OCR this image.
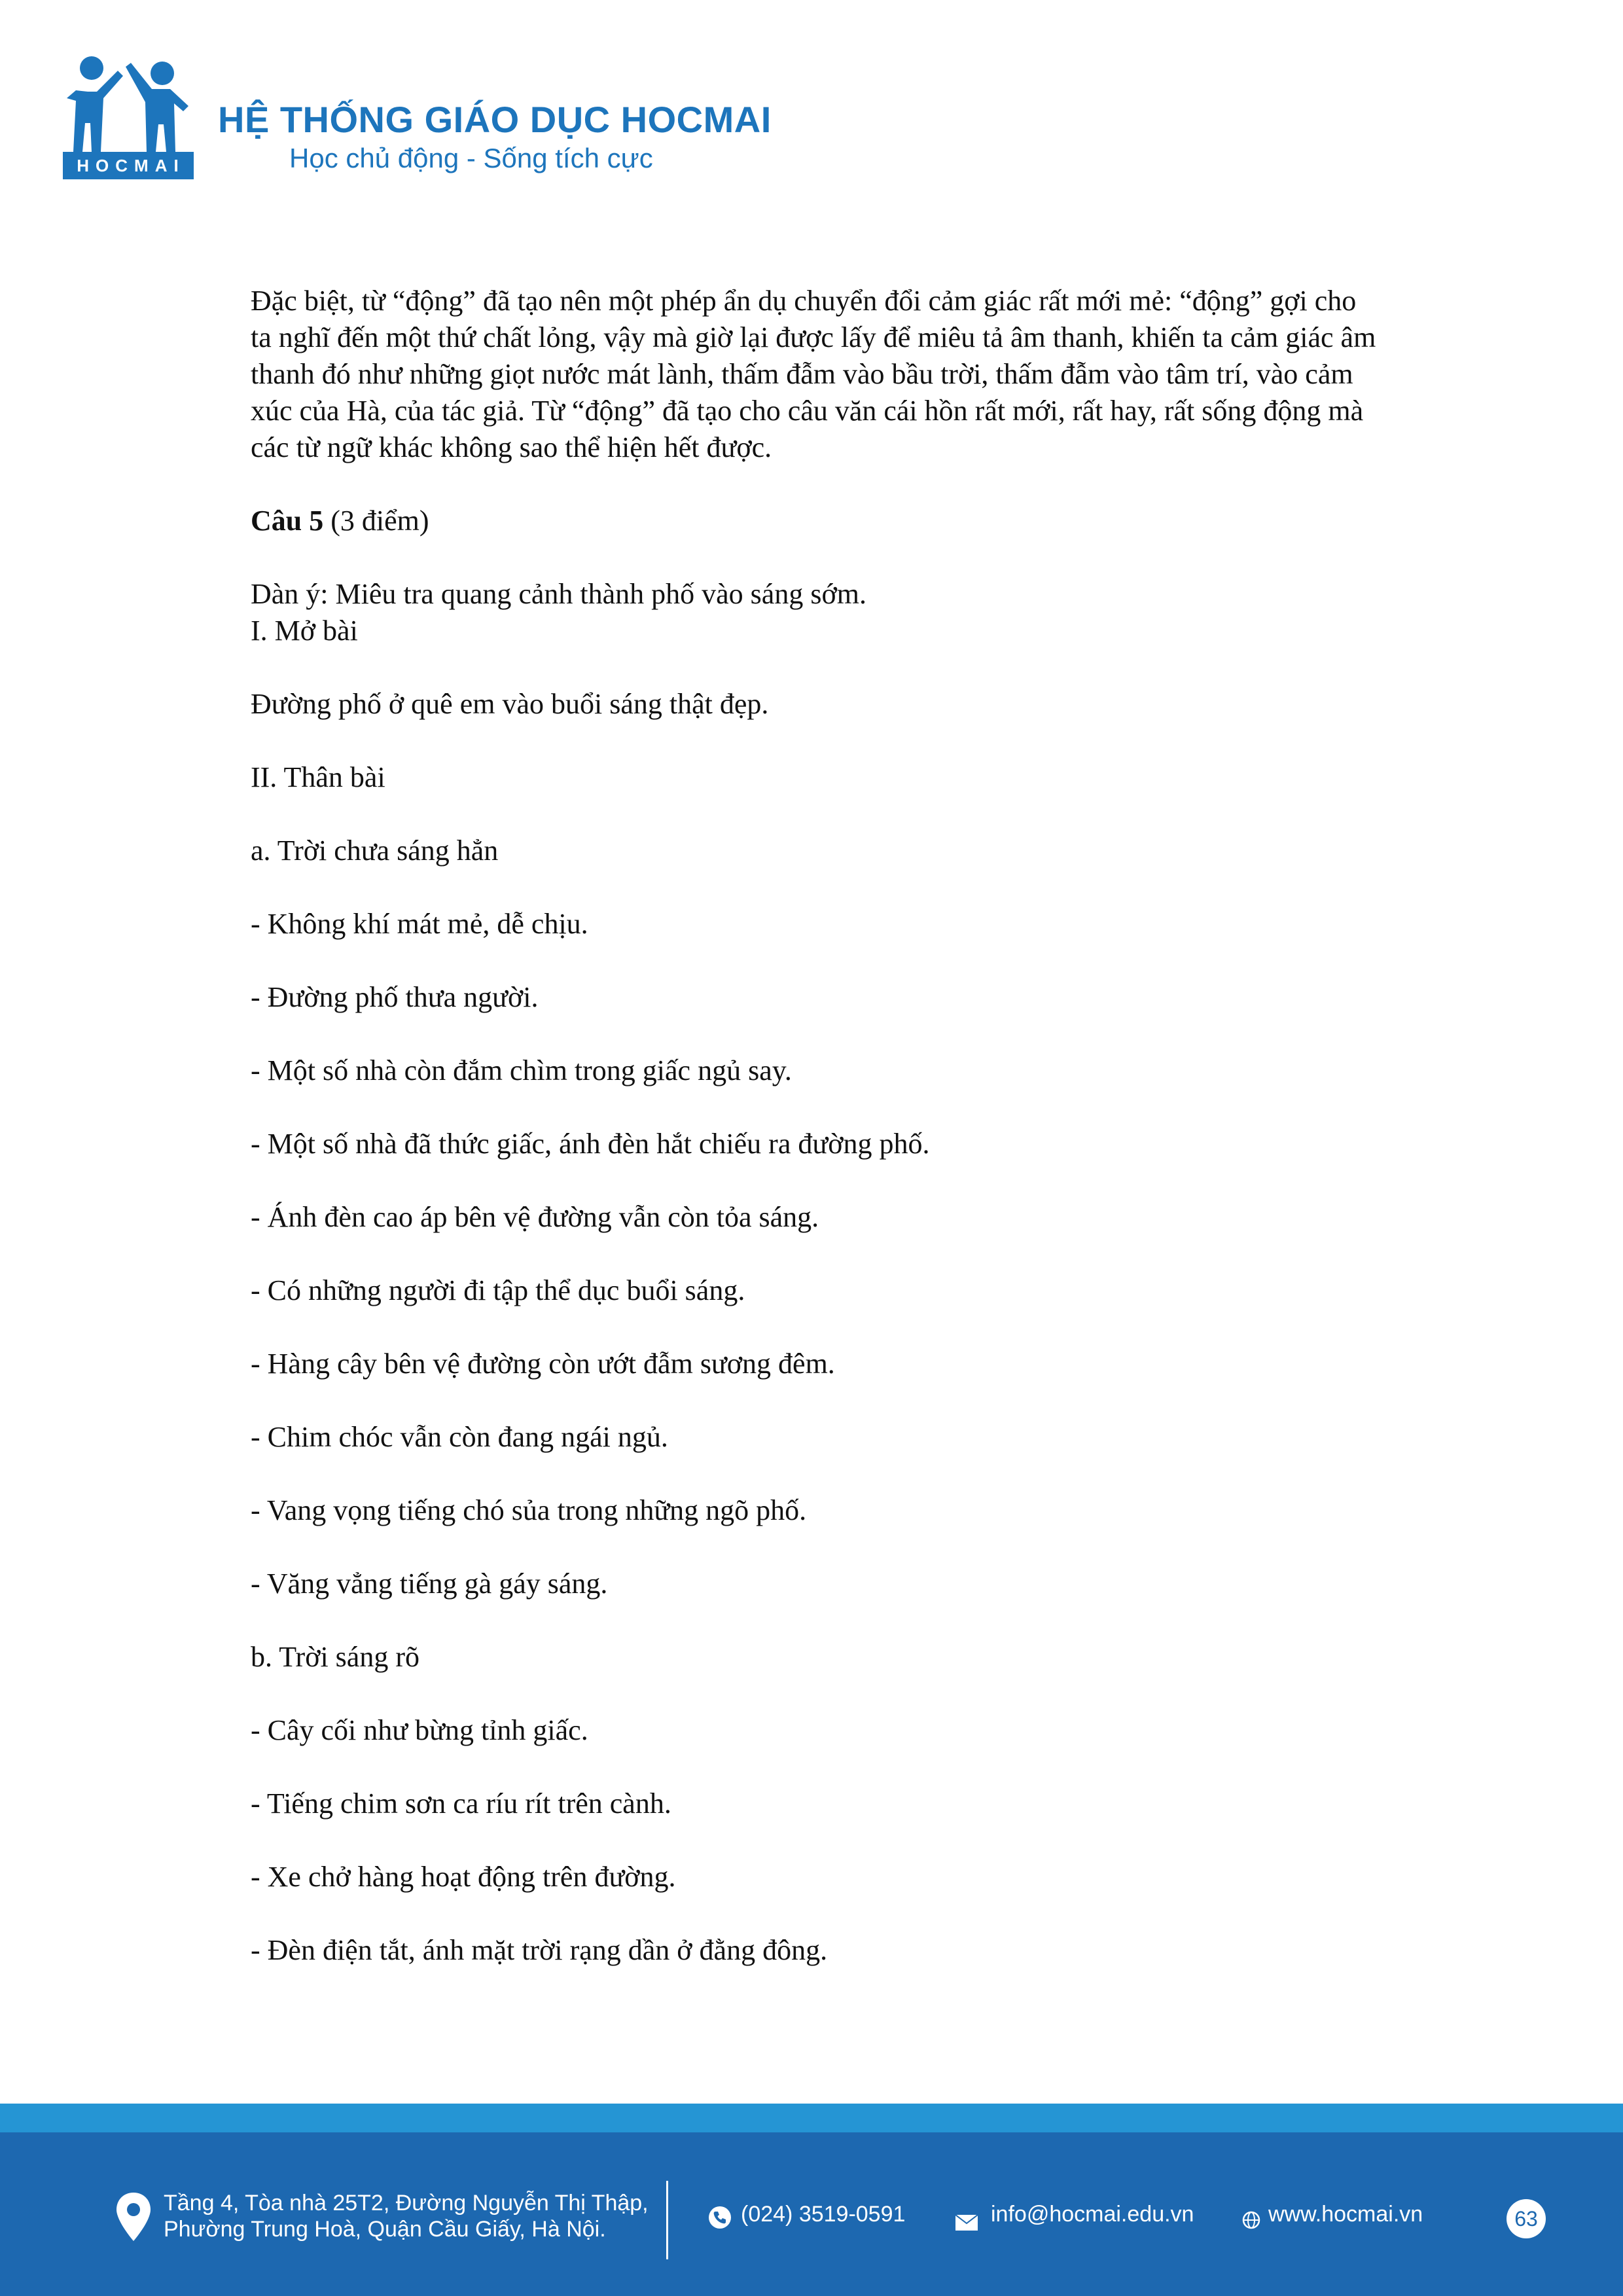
HOCMAI
HỆ THỐNG GIÁO DỤC HOCMAI
Học chủ động - Sống tích cực

Đặc biệt, từ “động” đã tạo nên một phép ẩn dụ chuyển đổi cảm giác rất mới mẻ: “động” gợi cho ta nghĩ đến một thứ chất lỏng, vậy mà giờ lại được lấy để miêu tả âm thanh, khiến ta cảm giác âm thanh đó như những giọt nước mát lành, thấm đẫm vào bầu trời, thấm đẫm vào tâm trí, vào cảm xúc của Hà, của tác giả. Từ “động” đã tạo cho câu văn cái hồn rất mới, rất hay, rất sống động mà các từ ngữ khác không sao thể hiện hết được.

Câu 5 (3 điểm)

Dàn ý: Miêu tra quang cảnh thành phố vào sáng sớm.

I. Mở bài

Đường phố ở quê em vào buổi sáng thật đẹp.

II. Thân bài

a. Trời chưa sáng hẳn

- Không khí mát mẻ, dễ chịu.

- Đường phố thưa người.

- Một số nhà còn đắm chìm trong giấc ngủ say.

- Một số nhà đã thức giấc, ánh đèn hắt chiếu ra đường phố.

- Ánh đèn cao áp bên vệ đường vẫn còn tỏa sáng.

- Có những người đi tập thể dục buổi sáng.

- Hàng cây bên vệ đường còn ướt đẫm sương đêm.

- Chim chóc vẫn còn đang ngái ngủ.

- Vang vọng tiếng chó sủa trong những ngõ phố.

- Văng vẳng tiếng gà gáy sáng.

b. Trời sáng rõ

- Cây cối như bừng tỉnh giấc.

- Tiếng chim sơn ca ríu rít trên cành.

- Xe chở hàng hoạt động trên đường.

- Đèn điện tắt, ánh mặt trời rạng dần ở đằng đông.

Tầng 4, Tòa nhà 25T2, Đường Nguyễn Thị Thập,
Phường Trung Hoà, Quận Cầu Giấy, Hà Nội.
(024) 3519-0591	info@hocmai.edu.vn	www.hocmai.vn	63
